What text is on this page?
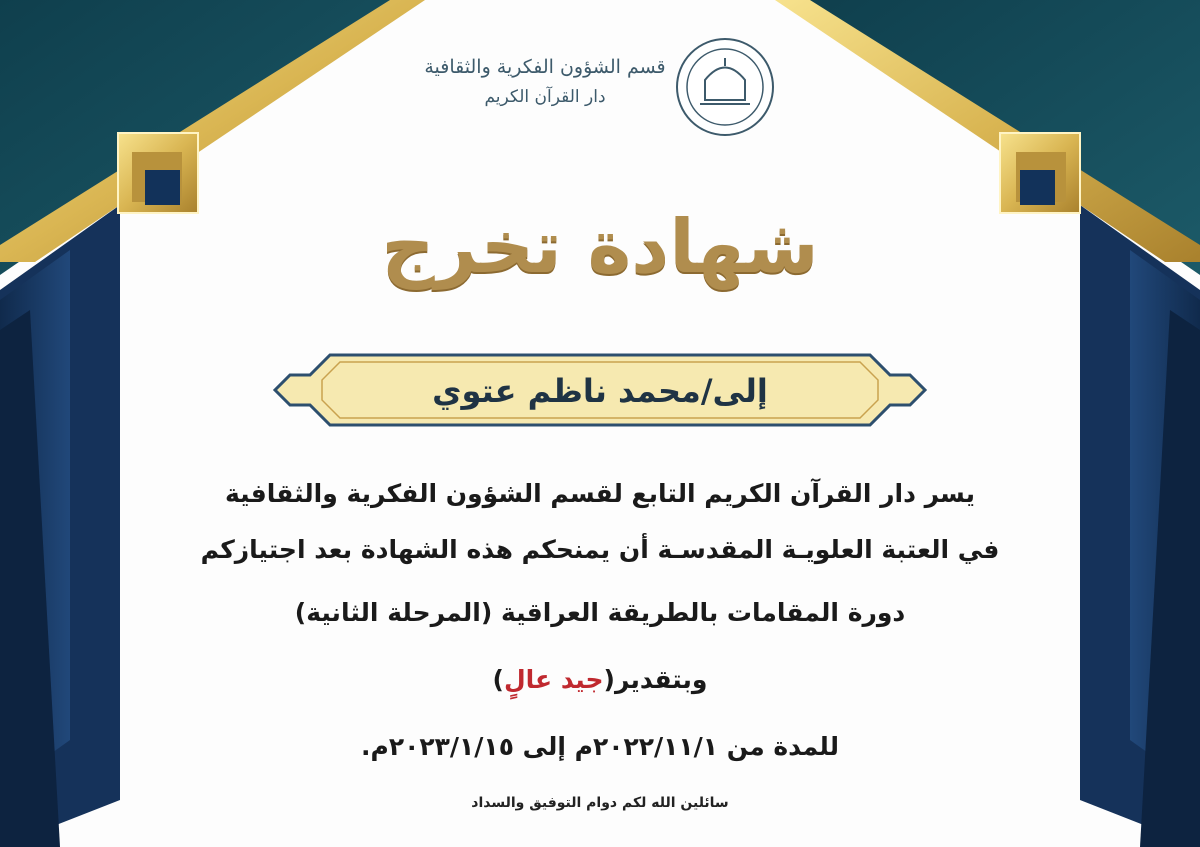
قسم الشؤون الفكرية والثقافية
دار القرآن الكريم
شهادة تخرج
إلى/محمد ناظم عتوي
يسر دار القرآن الكريم التابع لقسم الشؤون الفكرية والثقافية
في العتبة العلويـة المقدسـة أن يمنحكم هذه الشهادة بعد اجتيازكم
دورة المقامات بالطريقة العراقية (المرحلة الثانية)
وبتقدير(جيد عالٍ)
للمدة من ٢٠٢٢/١١/١م إلى ٢٠٢٣/١/١٥م.
سائلين الله لكم دوام التوفيق والسداد
